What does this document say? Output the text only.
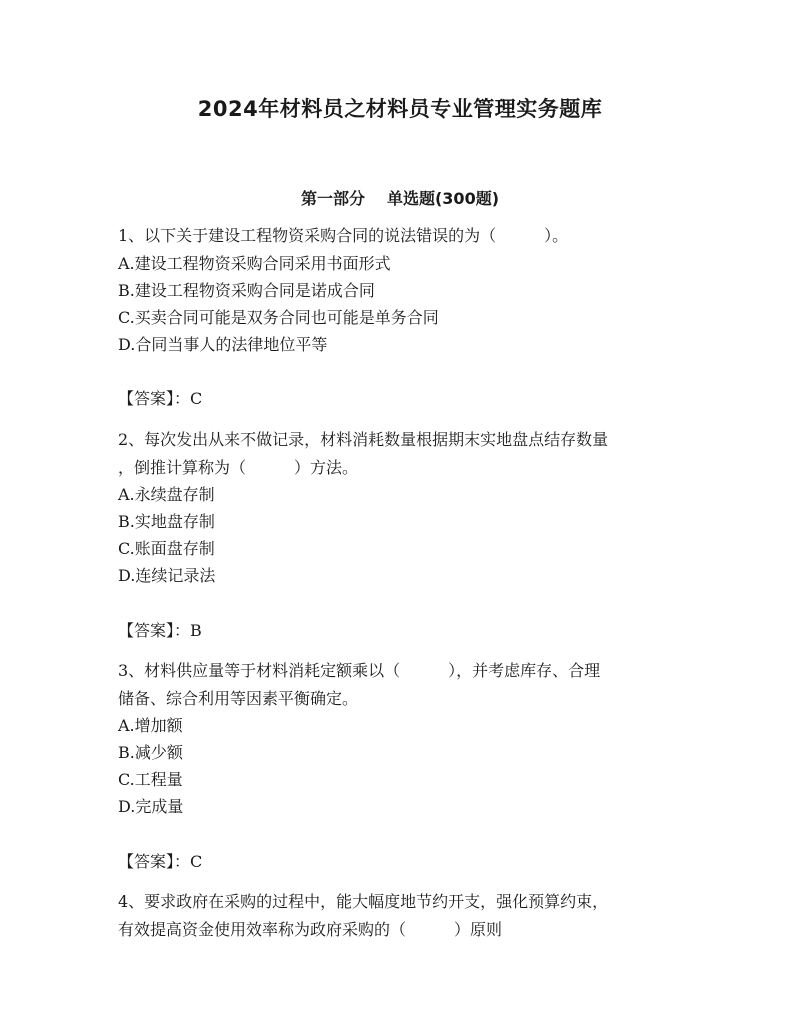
2024年材料员之材料员专业管理实务题库
第一部分 单选题(300题)
1、以下关于建设工程物资采购合同的说法错误的为（　　　）。
A.建设工程物资采购合同采用书面形式
B.建设工程物资采购合同是诺成合同
C.买卖合同可能是双务合同也可能是单务合同
D.合同当事人的法律地位平等
【答案】：C
2、每次发出从来不做记录，材料消耗数量根据期末实地盘点结存数量
，倒推计算称为（　　　）方法。
A.永续盘存制
B.实地盘存制
C.账面盘存制
D.连续记录法
【答案】：B
3、材料供应量等于材料消耗定额乘以（　　　），并考虑库存、合理
储备、综合利用等因素平衡确定。
A.增加额
B.减少额
C.工程量
D.完成量
【答案】：C
4、要求政府在采购的过程中，能大幅度地节约开支，强化预算约束，
有效提高资金使用效率称为政府采购的（　　　）原则
